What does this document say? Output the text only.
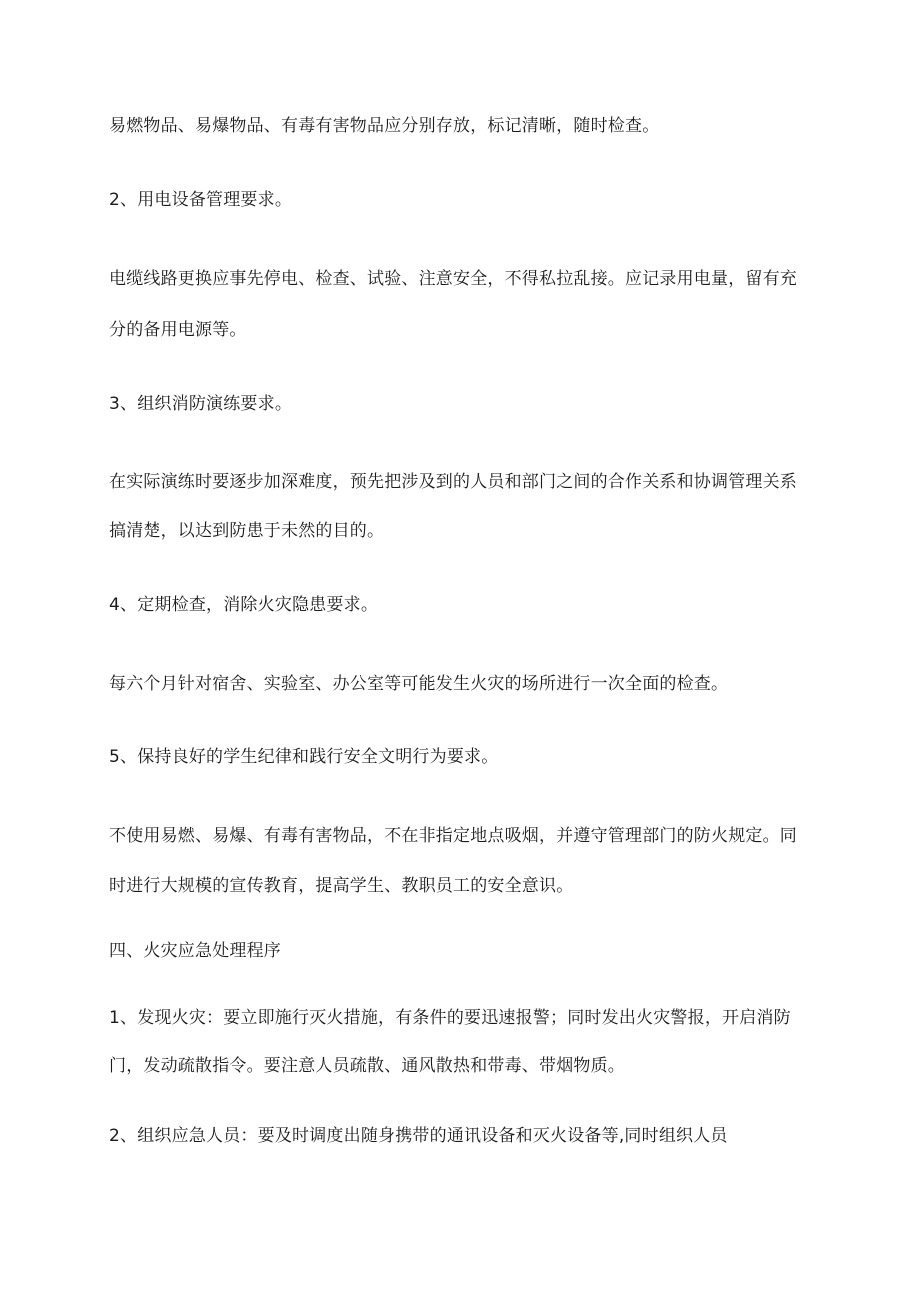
易燃物品、易爆物品、有毒有害物品应分别存放，标记清晰，随时检查。
2、用电设备管理要求。
电缆线路更换应事先停电、检查、试验、注意安全，不得私拉乱接。应记录用电量，留有充
分的备用电源等。
3、组织消防演练要求。
在实际演练时要逐步加深难度，预先把涉及到的人员和部门之间的合作关系和协调管理关系
搞清楚，以达到防患于未然的目的。
4、定期检查，消除火灾隐患要求。
每六个月针对宿舍、实验室、办公室等可能发生火灾的场所进行一次全面的检查。
5、保持良好的学生纪律和践行安全文明行为要求。
不使用易燃、易爆、有毒有害物品，不在非指定地点吸烟，并遵守管理部门的防火规定。同
时进行大规模的宣传教育，提高学生、教职员工的安全意识。
四、火灾应急处理程序
1、发现火灾：要立即施行灭火措施，有条件的要迅速报警；同时发出火灾警报，开启消防
门，发动疏散指令。要注意人员疏散、通风散热和带毒、带烟物质。
2、组织应急人员：要及时调度出随身携带的通讯设备和灭火设备等,同时组织人员
